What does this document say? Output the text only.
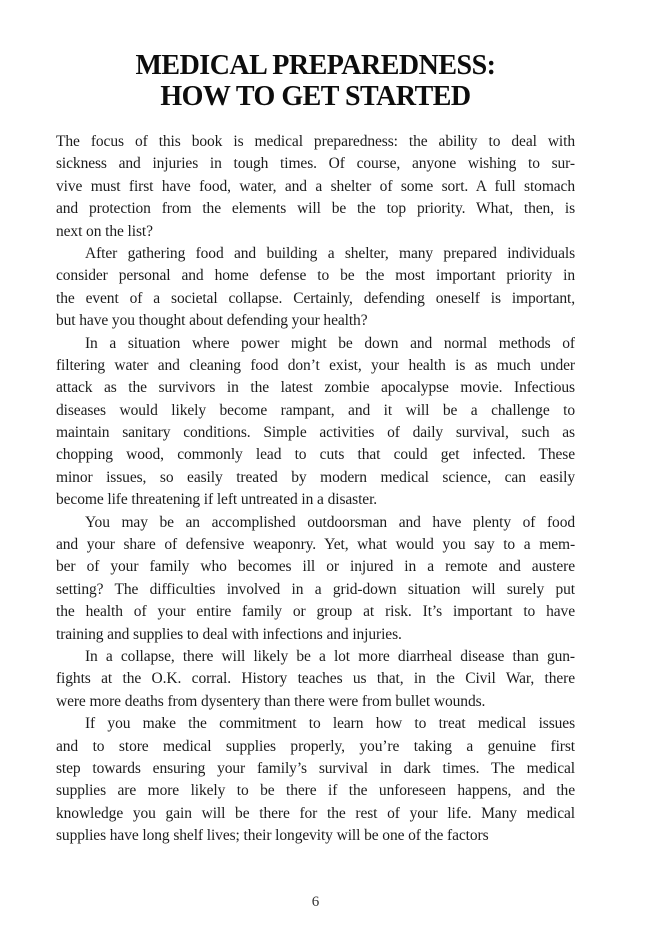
MEDICAL PREPAREDNESS:
HOW TO GET STARTED

The focus of this book is medical preparedness: the ability to deal with
sickness and injuries in tough times. Of course, anyone wishing to sur-
vive must first have food, water, and a shelter of some sort. A full stomach
and protection from the elements will be the top priority. What, then, is
next on the list?

After gathering food and building a shelter, many prepared individuals
consider personal and home defense to be the most important priority in
the event of a societal collapse. Certainly, defending oneself is important,
but have you thought about defending your health?

In a situation where power might be down and normal methods of
filtering water and cleaning food don’t exist, your health is as much under
attack as the survivors in the latest zombie apocalypse movie. Infectious
diseases would likely become rampant, and it will be a challenge to
maintain sanitary conditions. Simple activities of daily survival, such as
chopping wood, commonly lead to cuts that could get infected. These
minor issues, so easily treated by modern medical science, can easily
become life threatening if left untreated in a disaster.

You may be an accomplished outdoorsman and have plenty of food
and your share of defensive weaponry. Yet, what would you say to a mem-
ber of your family who becomes ill or injured in a remote and austere
setting? The difficulties involved in a grid-down situation will surely put
the health of your entire family or group at risk. It’s important to have
training and supplies to deal with infections and injuries.

In a collapse, there will likely be a lot more diarrheal disease than gun-
fights at the O.K. corral. History teaches us that, in the Civil War, there
were more deaths from dysentery than there were from bullet wounds.

If you make the commitment to learn how to treat medical issues
and to store medical supplies properly, you’re taking a genuine first
step towards ensuring your family’s survival in dark times. The medical
supplies are more likely to be there if the unforeseen happens, and the
knowledge you gain will be there for the rest of your life. Many medical
supplies have long shelf lives; their longevity will be one of the factors

6
